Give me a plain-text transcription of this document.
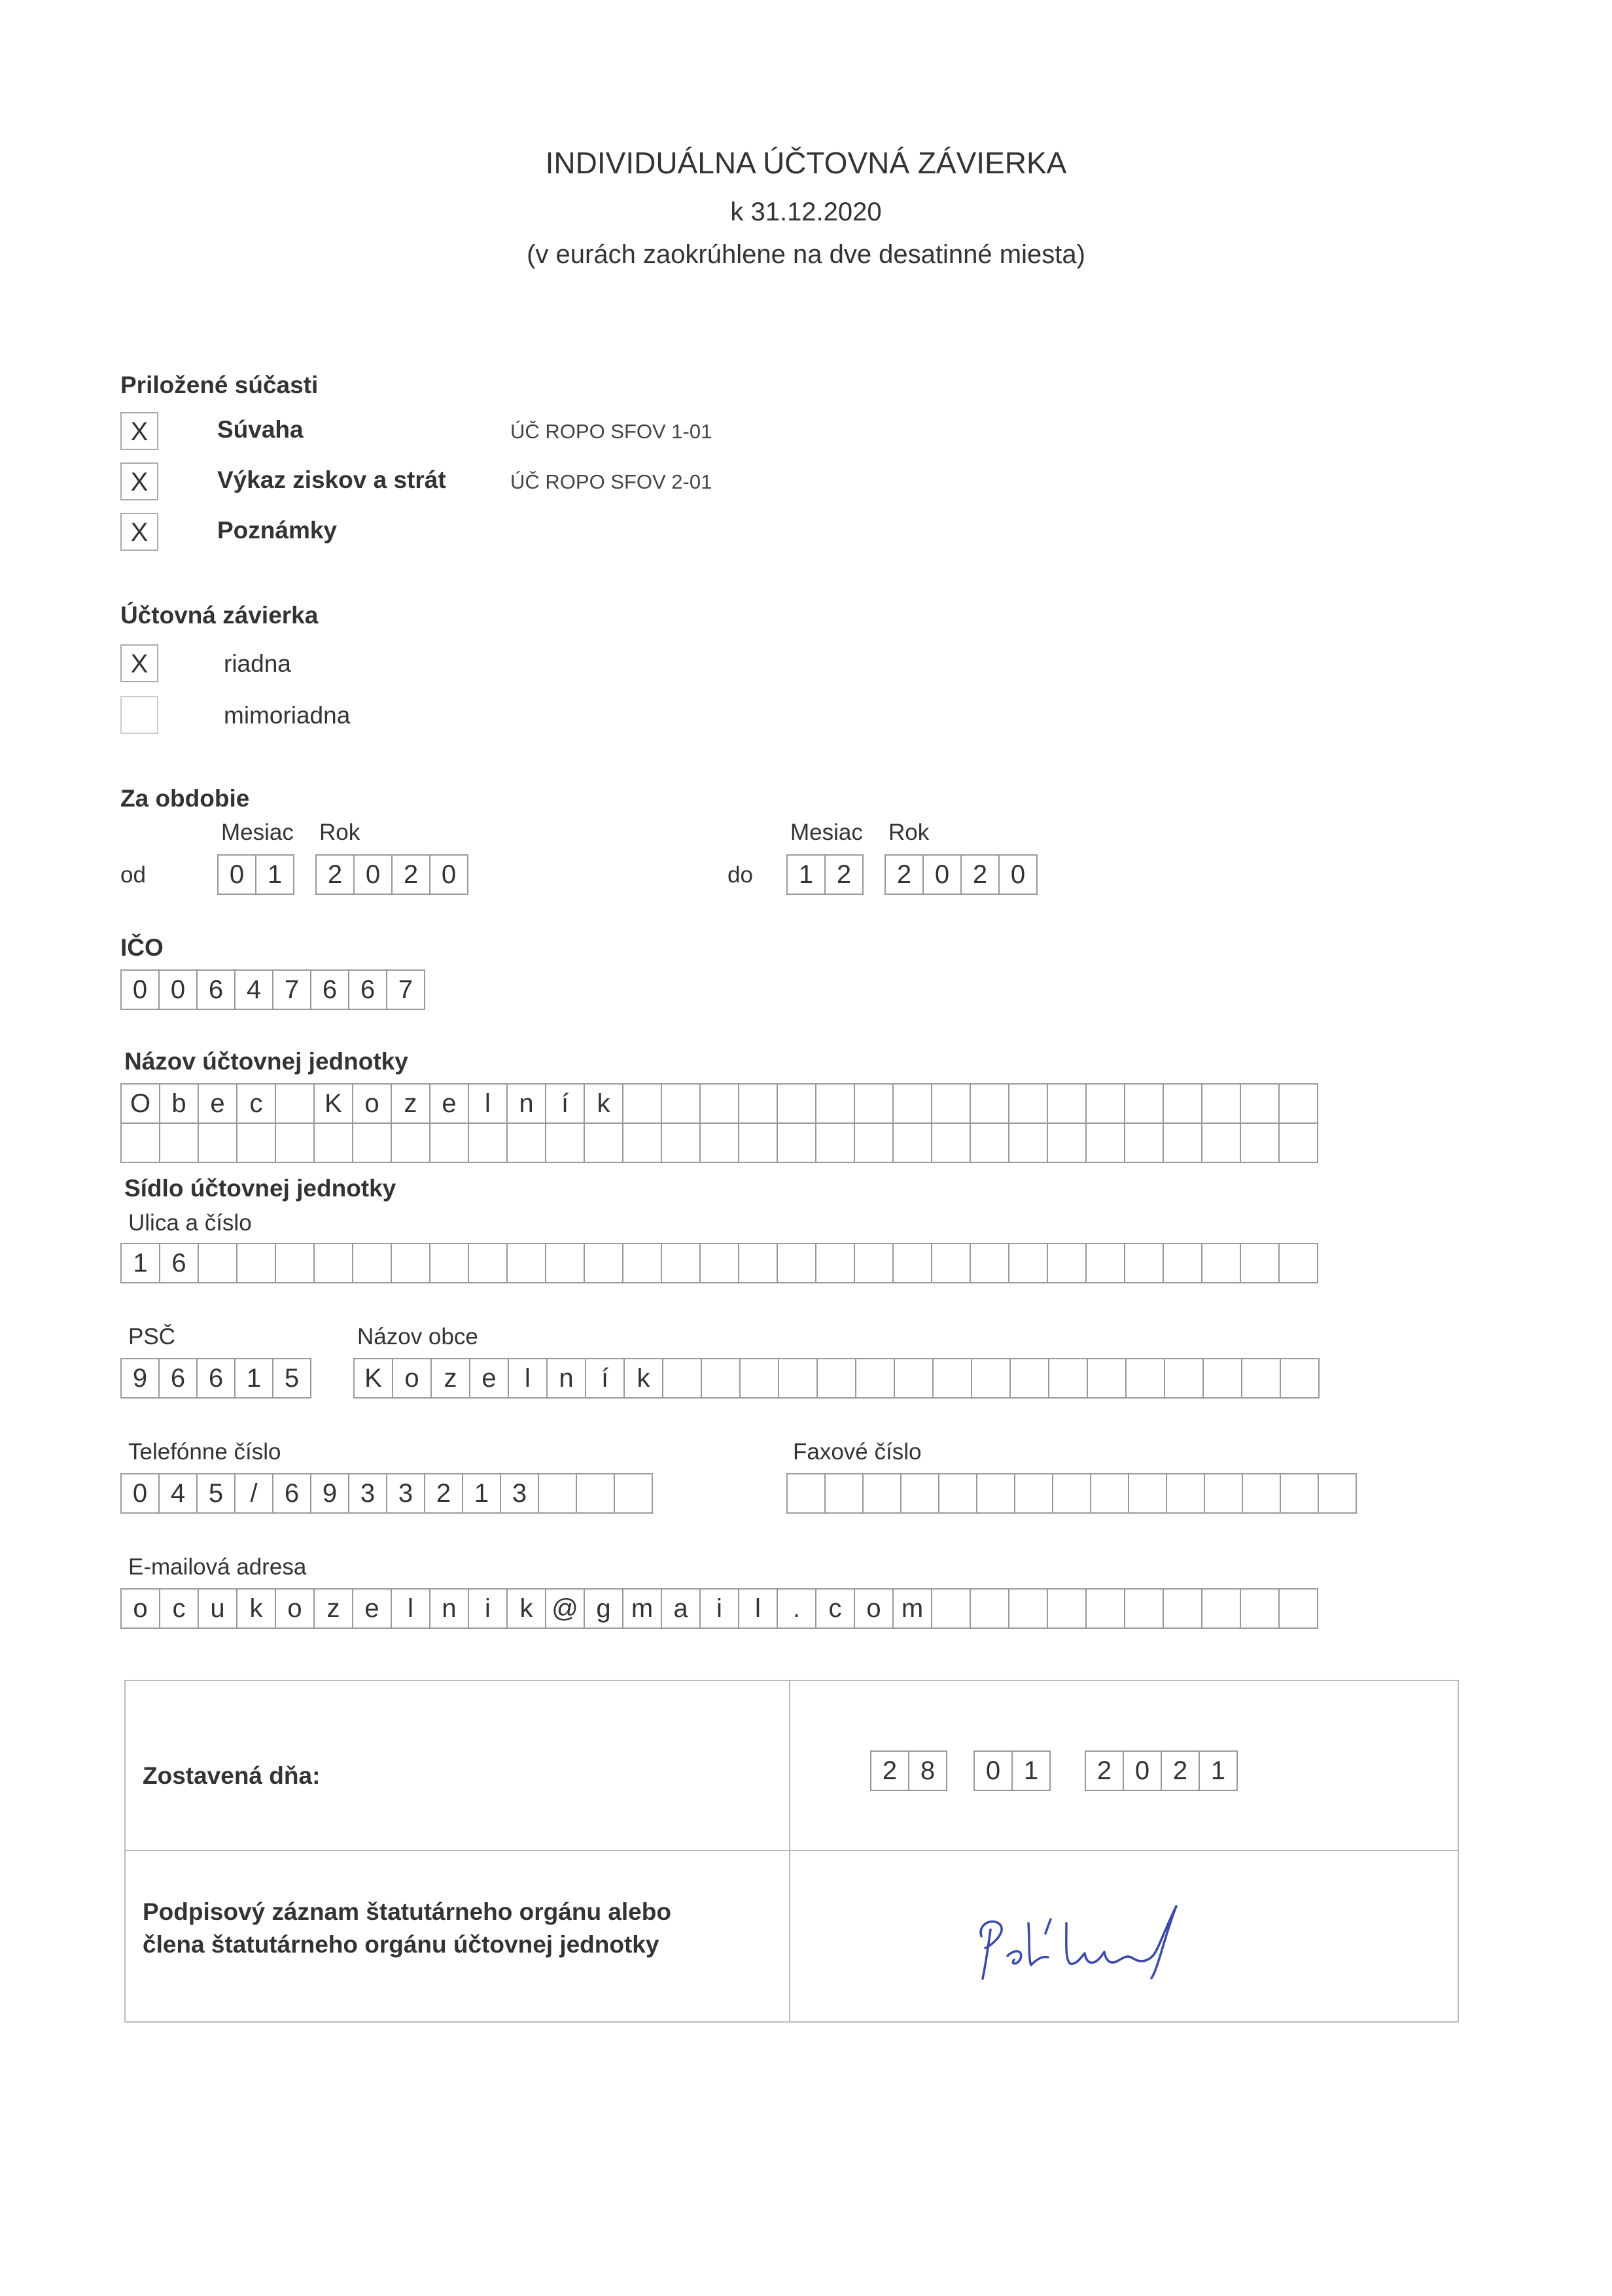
INDIVIDUÁLNA ÚČTOVNÁ ZÁVIERKA
k 31.12.2020
(v eurách zaokrúhlene na dve desatinné miesta)
Priložené súčasti
X	Súvaha	ÚČ ROPO SFOV 1-01
X	Výkaz ziskov a strát	ÚČ ROPO SFOV 2-01
X	Poznámky
Účtovná závierka
X	riadna
mimoriadna
Za obdobie
Mesiac Rok
od	0 1	2 0 2 0
Mesiac Rok
do	1 2	2 0 2 0
IČO
0 0 6 4 7 6 6 7
Názov účtovnej jednotky
O b e c	K o z e	l	n	í	k
Sídlo účtovnej jednotky
Ulica a číslo
1 6
PSČ	Názov obce
9 6 6 1 5	K o z e	l	n	í	k
Telefónne číslo
0 4 5	/	6 9 3 3 2 1 3
Faxové číslo
E-mailová adresa
o c u k o z e	l	n	i	k @ g m a	i	l	.	c o m
Zostavená dňa:	2 8	0 1	2 0 2 1
Podpisový záznam štatutárneho orgánu alebo
člena štatutárneho orgánu účtovnej jednotky
